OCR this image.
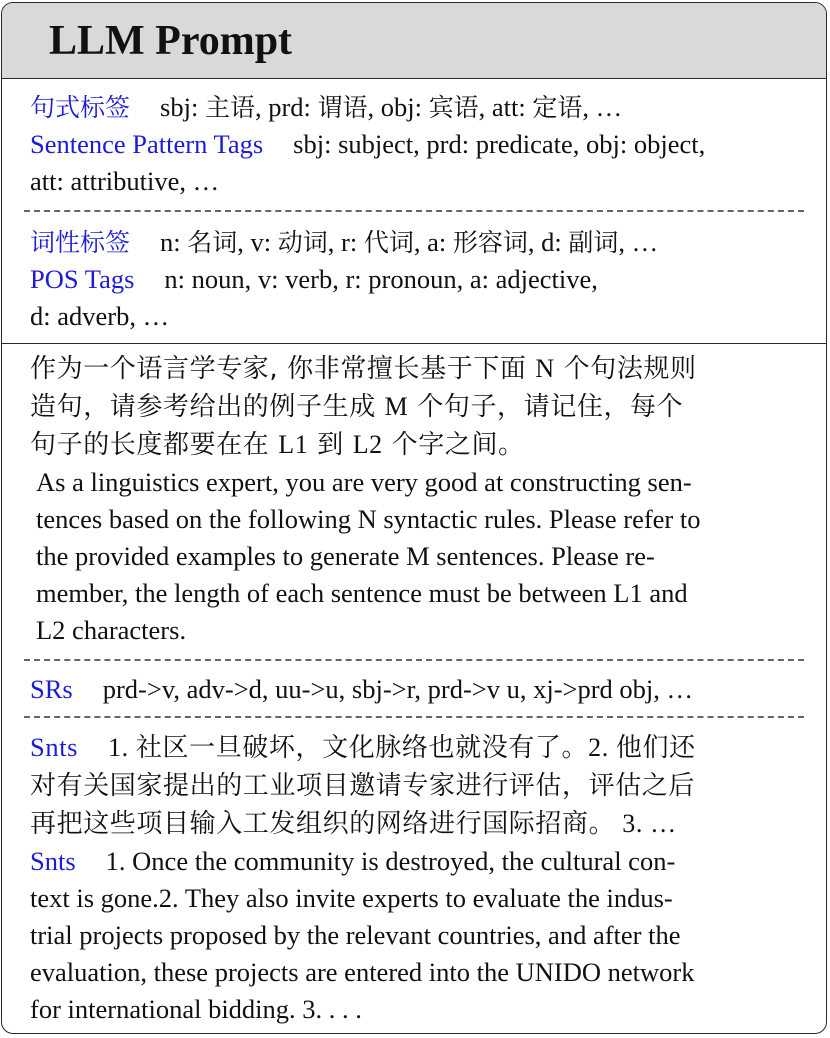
LLM Prompt
句式标签 sbj: 主语, prd: 谓语, obj: 宾语, att: 定语, …
Sentence Pattern Tags sbj: subject, prd: predicate, obj: object,
att: attributive, …
词性标签 n: 名词, v: 动词, r: 代词, a: 形容词, d: 副词, …
POS Tags n: noun, v: verb, r: pronoun, a: adjective,
d: adverb, …
作为一个语言学专家, 你非常擅长基于下面 N 个句法规则
造句，请参考给出的例子生成 M 个句子，请记住，每个
句子的长度都要在在 L1 到 L2 个字之间。
As a linguistics expert, you are very good at constructing sen-
tences based on the following N syntactic rules. Please refer to
the provided examples to generate M sentences. Please re-
member, the length of each sentence must be between L1 and
L2 characters.
SRs prd->v, adv->d, uu->u, sbj->r, prd->v u, xj->prd obj, …
Snts 1. 社区一旦破坏，文化脉络也就没有了。2. 他们还
对有关国家提出的工业项目邀请专家进行评估，评估之后
再把这些项目输入工发组织的网络进行国际招商。 3. …
Snts 1. Once the community is destroyed, the cultural con-
text is gone.2. They also invite experts to evaluate the indus-
trial projects proposed by the relevant countries, and after the
evaluation, these projects are entered into the UNIDO network
for international bidding. 3. . . .
